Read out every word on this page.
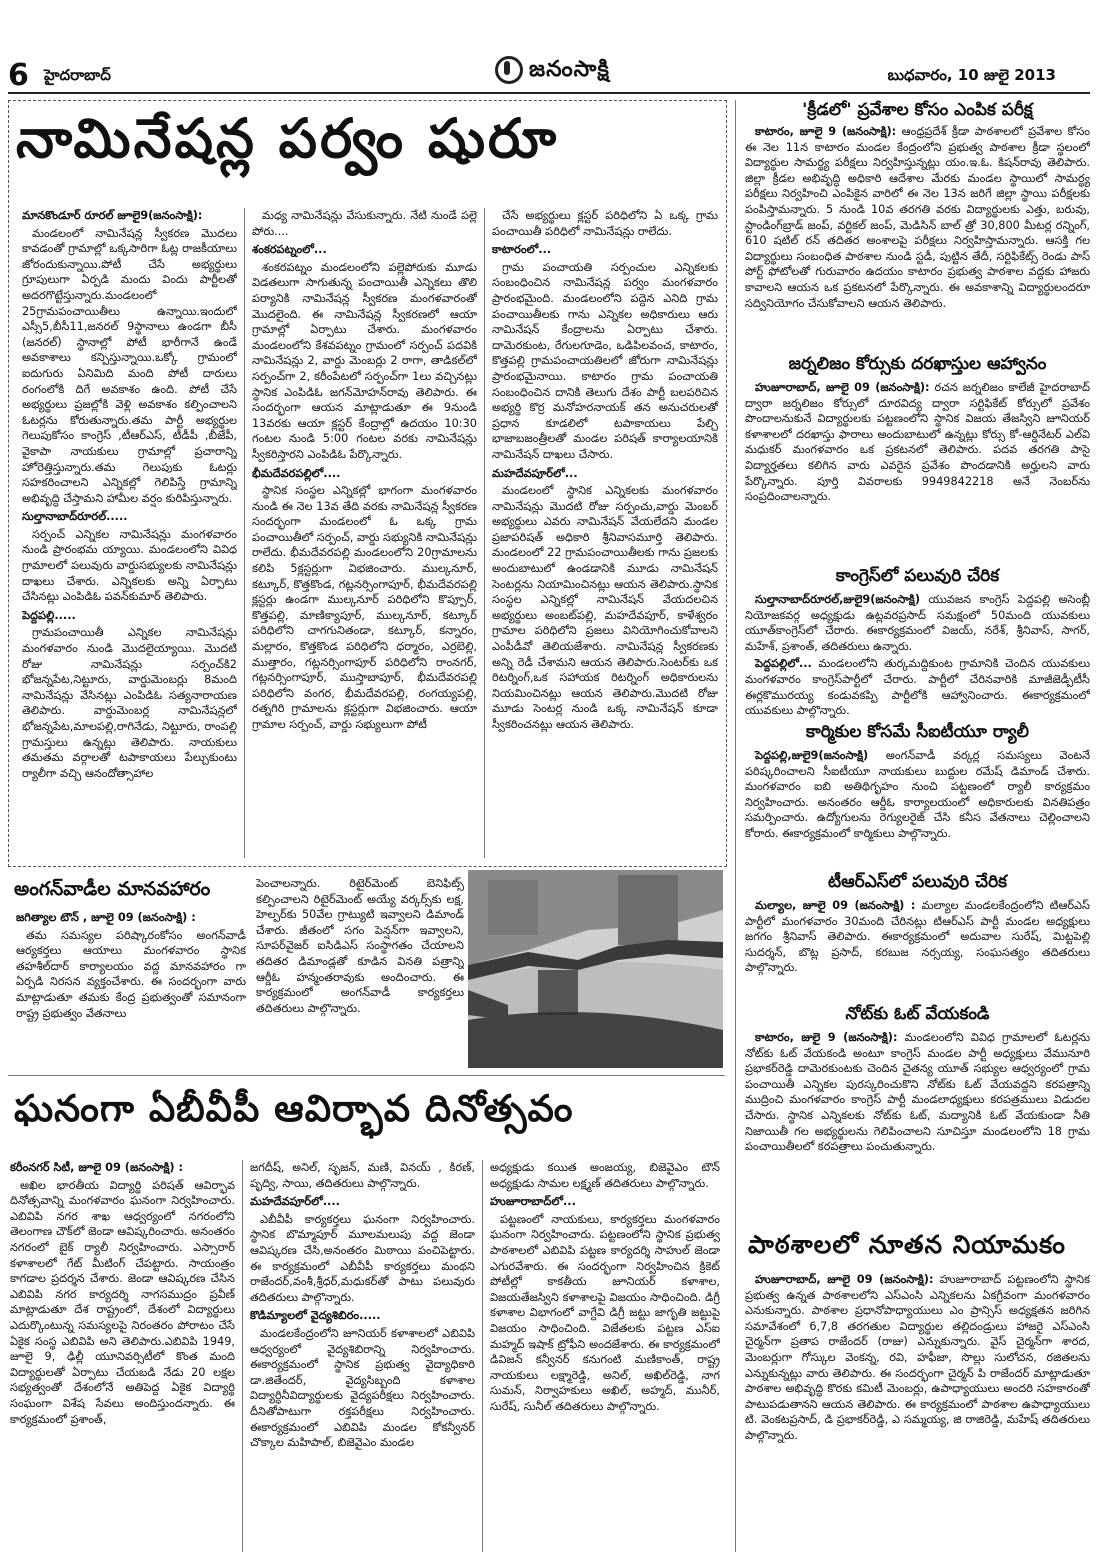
6 హైదరాబాద్	జనంసాక్షి	బుధవారం, 10 జులై 2013
నామినేషన్ల పర్వం షురూ

మానకొండూర్ రూరల్ జూలై9(జనంసాక్షి):

మండలంలో నామినేషన్ల స్వీకరణ మొదలు కావడంతో గ్రామాల్లో ఒక్కసారిగా ఓట్ల రాజకీయాలు జోరందుకున్నాయి.పోటీ చేసే అభ్యర్థులు గ్రూపులుగా ఏర్పడి మందు విందు పార్టీలతో అదరగొట్టేస్తున్నారు.మండలంలో 25గ్రామపంచాయితీలు ఉన్నాయి.ఇందులో ఎస్సీ5,బీసీ11,జనరల్ 9స్థానాలు ఉండగా బీసీ (జనరల్) స్థానాల్లో పోటీ భారీగానే ఉండే అవకాశాలు కన్పిస్తున్నాయి.ఒక్కో గ్రామంలో ఐదుగురు ఏనిమిది మంది పోటీ దారులు రంగంలోకి దిగే అవకాశం ఉంది. పోటీ చేసే అభ్యర్థులు ప్రజల్లోకి వెళ్లి అవకాశం కల్పించాలని ఓటర్లను కోరుతున్నారు.తమ పార్టీ అభ్యర్థుల గెలుపుకోసం కాంగ్రెస్ ,టీఆర్ఎస్, టీడీపీ ,బీజేపీ, వైకాపా నాయకులు గ్రామాల్లో ప్రచారాన్ని హోరెత్తిస్తున్నారు.తమ గెలుపుకు ఓటర్లు సహకరించాలని ఎన్నికల్లో గెలిపిస్తే గ్రామాన్ని అభివృద్ధి చేస్తామని హామీల వర్షం కురిపిస్తున్నారు.

సుల్తానాబాద్‌రూరల్.....

సర్పంచ్ ఎన్నికల నామినేషన్లు మంగళవారం నుండి ప్రారంభమ య్యాయి. మండలంలోని వివిధ గ్రామాలలో పలువురు వార్డుసభ్యులకు నామినేషన్లు దాఖలు చేశారు. ఎన్నికలకు అన్ని ఏర్పాటు చేసినట్లు ఎంపిడిఓ పవన్‌కుమార్ తెలిపారు.

పెద్దపల్లి.....

గ్రామపంచాయితీ ఎన్నికల నామినేషన్లు మంగళవారం నుండి మొదలైయ్యాయి. మొదటి రోజు నామినేషన్లు సర్పంచ్‌కి2 భోజన్నపేట,నిట్టూరు, వార్డుమెంబర్లు 8మంది నామినేషన్లు వేసినట్లు ఎంపిడిఓ సత్యనారాయణ తెలిపారు. వార్డుమెంబర్ల నామినేషన్లలో భోజన్నపేట,మాలపల్లి,రాగినేడు, నిట్టూరు, రాంపల్లి గ్రామస్తులు ఉన్నట్లు తెలిపారు. నాయకులు తమతమ వర్గాలతో టపాకాయలు పేల్చుకుంటు ర్యాలీగా వచ్చి ఆనందోత్సాహాల

మధ్య నామినేషన్లు వేసుకున్నారు. నేటి నుండే పల్లె పోరు....

శంకరపట్నంలో...

శంకరపట్నం మండలంలోని పల్లెపోరుకు మూడు విడతలుగా సాగుతున్న పంచాయితీ ఎన్నికలు తొలి పర్యానికి నామినేషన్ల స్వీకరణ మంగళవారంతో మొదలైంది. ఈ నామినేషన్ల స్వీకరణలో ఆయా గ్రామాల్లో ఏర్పాటు చేశారు. మంగళవారం మండలంలోని కేశవపట్నం గ్రామంలో సర్పంచ్ పదవికి నామినేషన్లు 2, వార్డు మెంబర్లు 2 రాగా, తాడికల్‌లో సర్పంచ్‌గా 2, కరీంపేటలో సర్పంచ్‌గా 1లు వచ్చినట్లు స్థానిక ఎంపిడిఓ జగన్‌మోహన్‌రావు తెలిపారు. ఈ సందర్భంగా ఆయన మాట్లాడుతూ ఈ 9నుండి 13వరకు ఆయా క్లస్టర్ కేంద్రాల్లో ఉదయం 10:30 గంటల నుండి 5:00 గంటల వరకు నామినేషన్లు స్వీకరిస్తారని ఎంపిడిఓ పేర్కొన్నారు.

భీమదేవరపల్లిలో....

స్థానిక సంస్థల ఎన్నికల్లో భాగంగా మంగళవారం నుండి ఈ నెల 13వ తేది వరకు నామినేషన్ల స్వీకరణ సందర్భంగా మండలంలో ఓ ఒక్క గ్రామ పంచాయితీలో సర్పంచ్, వార్డు సభ్యునికి నామినేషన్లు రాలేదు. భీమదేవరపల్లి మండలంలోని 20గ్రామాలను కలిపి 5క్లస్టర్లుగా విభజించారు. ముల్కనూర్, కట్కూర్, కొత్తకొండ, గట్లనర్సింగాపూర్, భీమదేవరపల్లి క్లస్టర్లు ఉండగా ముల్కనూర్ పరిధిలోని కొప్పూర్, కొత్తపల్లి, మాణిక్యాపూర్, ముల్కనూర్, కట్కూర్ పరిధిలోని చాగగునితండా, కట్కూర్, కన్నారం, మల్లారం, కొత్తకొండ పరిధిలోని ధర్మారం, ఎర్రబెల్లి, ముత్తారం, గట్లనర్సింగాపూర్ పరిధిలోని రాంనగర్, గట్లనర్సింగాపూర్, ముస్తాబాపూర్, భీమదేవరపల్లి పరిధిలోని వంగర, భీమదేవరపల్లి, రంగయ్యపల్లి, రత్నగిరి గ్రామాలను క్లస్టర్లుగా విభజించారు. ఆయా గ్రామాల సర్పంచ్, వార్డు సభ్యులుగా పోటీ

చేసే అభ్యర్థులు క్లస్టర్ పరిధిలోని ఏ ఒక్క గ్రామ పంచాయితీ పరిధిలో నామినేషన్లు రాలేదు.

కాటారంలో...

గ్రామ పంచాయతి సర్పంచుల ఎన్నికలకు సంబంధించిన నామినేషన్ల పర్వం మంగళవారం ప్రారంభమైంది. మండలంలోని పద్దెన ఎనిది గ్రామ పంచాయితీలకు గాను ఎన్నికల అధికారులు ఆరు నామినేషన్ కేంద్రాలను ఏర్పాటు చేశారు. దామెరకుంట, రేగులగూడెం, ఒడిపిలవంచ, కాటారం, కొత్తపల్లి గ్రామపంచాయతిలలో జోరుగా నామినేషన్లు ప్రారంభమైనాయి. కాటారం గ్రామ పంచాయతి సంబంధించిన దానికి తెలుగు దేశం పార్టీ బలపరిచిన అభ్యర్థి కొర్ర మనోహరనాయక్ తన అనుచరులతో ప్రధాన కూడలిలో టపాకాయలు పేల్చి భాజాబజంత్రీలతో మండల పరిషత్ కార్యాలయానికి నామినేషన్ దాఖలు చేసారు.

మహదేవపూర్‌లో...

మండలంలో స్థానిక ఎన్నికలకు మంగళవారం నామినేషన్లు మొదటి రోజు సర్పంచు,వార్డు మెంబర్ అభ్యర్థులు ఎవరు నామినేషన్ వేయలేదని మండల ప్రజాపరిషత్ అధికారి శ్రీనివాసమూర్తి తెలిపారు. మండలంలో 22 గ్రామపంచాయితీలకు గాను ప్రజలకు అందుబాటులో ఉండడానికి మూడు నామినేషన్ సెంటర్లను నియామించినట్లు ఆయన తెలిపారు.స్థానిక సంస్థల ఎన్నికల్లో నామినేషన్ వేయదలచిన అభ్యర్థులు అంబట్‌పల్లి, మహదేవపూర్, కాళేశ్వరం గ్రామాల పరిధిలోని ప్రజలు వినియోగించుకోవాలని ఎంపీడీవో తెలియజేశారు. నామినేషన్ల స్వీకరణకు అన్ని రెడీ చేశామని ఆయన తెలిపారు.సెంటర్‌కు ఒక రిటర్నింగ్,ఒక సహాయక రిటర్నింగ్ అధికారులను నియమించినట్లు ఆయన తెలిపారు.మొదటి రోజు మూడు సెంటర్ల నుండి ఒక్క నామినేషన్ కూడా స్వీకరించనట్లు ఆయన తెలిపారు.

అంగన్‌వాడీల మానవహారం

జగిత్యాల టౌన్ , జూలై 09 (జనంసాక్షి) :

తమ సమస్యల పరిష్కారంకోసం అంగన్‌వాడీ ఆర్యకర్తలు ఆయాలు మంగళవారం స్థానిక తహశీల్‌దార్ కార్యాలయం వద్ద మానవహారం గా ఏర్పడి నిరసన వ్యక్తంచేశారు. ఈ సందర్భంగా వారు మాట్లాడుతూ తమకు కేంద్ర ప్రభుత్వంతో సమానంగా రాష్ట్ర ప్రభుత్వం వేతనాలు

పెంచాలన్నారు. రిటైర్‌మెంట్ బెనిఫిట్స్ కల్పించాలని రిటైర్‌మెంట్ అయ్యే వర్కర్స్‌కు లక్ష, హెల్పర్‌కు 50వేల గ్రాట్యుటి ఇవ్వాలని డిమాండ్ చేశారు. జీతంలో సగం పెన్షన్‌గా ఇవ్వాలని, సూపర్‌వైజర్ ఐసిడిఎస్ సంస్థాగతం చేయాలని తదితర డిమాండ్లతో కూడిన వినతి పత్రాన్ని ఆర్డీఓ హన్మంతరావుకు అందించారు. ఈ కార్యక్రమంలో అంగన్‌వాడీ కార్యకర్తలు తదితరులు పాల్గొన్నారు.

ఘనంగా ఏబీవీపీ ఆవిర్భావ దినోత్సవం

కరీంనగర్ సిటీ, జూలై 09 (జనంసాక్షి) :

అఖిల భారతీయ విద్యార్థి పరిషత్ ఆవిర్భావ దినోత్సవాన్ని మంగళవారం ఘనంగా నిర్వహించారు. ఎబివిపి నగర శాఖ ఆధ్వర్యంలో నగరంలోని తెలంగాణ చౌక్‌లో జెండా ఆవిష్కరించారు. అనంతరం నగరంలో బైక్ ర్యాలీ నిర్వహించారు. ఎస్సారార్ కళాశాలలో గేట్ మీటింగ్ చేపట్టారు. సాయంత్రం కాగడాల ప్రదర్శన చేశారు. జెండా ఆవిష్కరణ చేసిన ఎబివిపి నగర కార్యదర్శి నాగసముద్రం ప్రవీణ్ మాట్లాడుతూ దేశ రాష్ట్రంలో, దేశంలో విద్యార్థులు ఎదుర్కొంటున్న సమస్యలపై నిరంతరం పోరాటం చేసే ఏకైక సంస్థ ఎబివిపి అని తెలిపారు.ఎబివిపి 1949, జూలై 9, ఢిల్లీ యూనివర్సిటీలో కొంత మంది విద్యార్థులతో ఏర్పాటు చేయబడి నేడు 20 లక్షల సభ్యత్వంతో దేశంలోనే అతిపెద్ద ఏకైక విద్యార్థి సంఘంగా విశేష సేవలు అందిస్తుందన్నారు. ఈ కార్యక్రమంలో ప్రశాంత్,

జగదీష్, అనిల్, సృజన్, మణి, వినయ్ , కిరణ్, పృద్వి, సాయి, తదితరులు పాల్గొన్నారు.

మహదేవపూర్‌లో....

ఎబీవీపీ కార్యకర్తలు ఘనంగా నిర్వహించారు. స్థానిక బొమ్మాపూర్ మూలమలుపు వద్ద జెండా ఆవిష్కరణ చేసి,అనంతరం మిఠాయి పంచిపెట్టారు. ఈ కార్యక్రమంలో ఎబీవీపీ కార్యకర్తలు మంథని రాజేందర్,వంశీ,శ్రీధర్,మధుకర్‌తో పాటు పలువురు తదితరులు పాల్గొన్నారు.

కొడిమ్యాలలో వైద్యశిబిరం.....

మండలకేంద్రంలోని జూనియర్ కళాశాలలో ఎబివిపి ఆధ్వర్యంలో వైద్యశిబిరాన్ని నిర్వహించారు. ఈకార్యక్రమంలో స్థానిక ప్రభుత్వ వైద్యాధికారి డా.జితేందర్, వైద్యసిబ్బంది కళాశాల విద్యార్ధినీవిద్యార్థులకు వైద్యపరీక్షలు నిర్వహించారు. దీనితోపాటుగా రక్తపరీక్షలు నిర్వహించారు. ఈకార్యక్రమంలో ఎబివిపి మండల కోకన్వీనర్ చొక్కాల మహిపాల్, బిజెవైఎం మండల

అధ్యక్షుడు కయిత అంజయ్య, బిజెవైఎం టౌన్ అధ్యక్షుడు సామల లక్ష్మణ్ తదితరులు పాల్గొన్నారు.

హుజూరాబాద్‌లో...

పట్టణంలో నాయకులు, కార్యకర్తలు మంగళవారం ఘనంగా నిర్వహించారు. పట్టణంలోని స్థానిక ప్రభుత్వ పాఠశాలలో ఎబివిపి పట్టణ కార్యదర్శి సాహుల్ జెండా ఎగురవేశారు. ఈ సందర్భంగా నిర్వహించిన క్రికెట్ పోటీల్లో కాకతీయ జూనియర్ కళాశాల, విజయతేజస్విని కళాశాలపై విజయం సాధించింది. డిగ్రీ కళాశాల విభాగంలో వాగ్దేవి డిగ్రీ జట్టు జాగృతి జట్టుపై విజయం సాధించింది. విజేతలకు పట్టణ ఎస్ఐ మహ్మద్ ఇషాక్ ట్రోఫీని అందజేశారు. ఈ కార్యక్రమంలో డివిజన్ కన్వీనర్ కనుగంటి మణికాంత్, రాష్ట్ర నాయకులు లక్ష్మారెడ్డి, అనిల్, అఖిల్‌రెడ్డి, నాగ సుమన్, నిర్వాహకులు అఖిల్, అహ్మద్, మునీర్, సురేష్, సునీల్ తదితరులు పాల్గొన్నారు.

'క్రీడలో' ప్రవేశాల కోసం ఎంపిక పరీక్ష

కాటారం, జూలై 9 (జనంసాక్షి): ఆంధ్రప్రదేశ్ క్రీడా పాఠశాలలో ప్రవేశాల కోసం ఈ నెల 11న కాటారం మండల కేంద్రంలోని ప్రభుత్వ పాఠశాల క్రీడా స్థలంలో విద్యార్థుల సామర్థ్య పరీక్షలు నిర్వహిస్తున్నట్లు యం.ఇ.ఓ. కిషన్‌రావు తెలిపారు. జిల్లా క్రీడల అభివృద్ధి అధికారి ఆదేశాల మేరకు మండల స్థాయిలో సామర్థ్య పరీక్షలు నిర్వహించి ఎంపికైన వారిలో ఈ నెల 13న జరిగే జిల్లా స్థాయి పరీక్షలకు పంపిస్తామన్నారు. 5 నుండి 10వ తరగతి వరకు విద్యార్థులకు ఎత్తు, బరువు, స్టాండింగ్‌బ్రాడ్ జంప్, వర్టికల్ జంప్, మెడిసిన్ బాల్ త్రో 30,800 మీటర్ల రన్నింగ్, 610 షటిల్ రన్ తదితర అంశాలపై పరీక్షలు నిర్వహిస్తామన్నారు. ఆసక్తి గల విద్యార్థులు సంబంధిత పాఠశాల నుండి స్టడీ, పుట్టిన తేదీ, సర్టిఫికేట్స్ రెండు పాస్ పోర్ట్ ఫోటోలతో గురువారం ఉదయం కాటారం ప్రభుత్వ పాఠశాల వద్దకు హాజరు కావాలని ఆయన ఒక ప్రకటనలో పేర్కొన్నారు. ఈ అవకాశాన్ని విద్యార్థులందరూ సద్వినియోగం చేసుకోవాలని ఆయన తెలిపారు.

జర్నలిజం కోర్సుకు దరఖాస్తుల ఆహ్వానం

హుజూరాబాద్, జూలై 09 (జనంసాక్షి): రచన జర్నలిజం కాలేజీ హైదరాబాద్ ద్వారా జర్నలిజం కోర్సులో దూరవిద్య ద్వారా సర్టిఫికేట్ కోర్సులో ప్రవేశం పొందాలనుకునే విద్యార్థులకు పట్టణంలోని స్థానిక విజయ తేజస్విని జూనియర్ కళాశాలలో దరఖాస్తు ఫారాలు అందుబాటులో ఉన్నట్లు కోర్సు కో-ఆర్డినేటర్ ఎల్‌వి మధుకర్ మంగళవారం ఒక ప్రకటనలో తెలిపారు. పదవ తరగతి పాసై విద్యార్హతలు కలిగిన వారు ఎవరైన ప్రవేశం పొందడానికి అర్హులని వారు పేర్కొన్నారు. పూర్తి వివరాలకు 9949842218 అనే నెంబర్‌ను సంప్రదించాలన్నారు.

కాంగ్రెస్‌లో పలువురి చేరిక

సుల్తానాబాద్‌రూరల్,జులై9(జనంసాక్షి) యువజన కాంగ్రెస్ పెద్దపల్లి అసెంబ్లీ నియోజకవర్గ అధ్యక్షుడు ఉట్లవరప్రసాద్ సమక్షంలో 50మంది యువకులు యూత్‌కాంగ్రెస్‌లో చేరారు. ఈకార్యక్రమంలో విజయ్, నరేశ్, శ్రీనివాస్, సాగర్, మహేశ్, ప్రశాంత్, తదితరులు ఉన్నారు.

పెద్దపల్లిలో... మండలంలోని తుర్కమద్దికుంట గ్రామానికి చెందిన యువకులు మంగళవారం కాంగ్రెస్‌పార్టీలో చేరారు. పార్టీలో చేరినవారికి మాజీజెడ్పీటీసీ ఈర్లకొమురయ్య కండువకప్పి పార్టీలోకి ఆహ్వానించారు. ఈకార్యక్రమంలో యువకులు పాల్గొన్నారు.

కార్మికుల కోసమే సీఐటీయూ ర్యాలీ

పెద్దపల్లి,జులై9(జనంసాక్షి) అంగన్‌వాడీ వర్కర్ల సమస్యలు వెంటనే పరిష్కరించాలని సీఐటీయూ నాయకులు బుద్దుల రమేష్ డిమాండ్ చేశారు. మంగళవారం ఐబి అతిథిగృహం నుంచి పట్టణంలో ర్యాలీ కార్యక్రమం నిర్వహించారు. అనంతరం ఆర్డీఓ కార్యాలయంలో అధికారులకు వినతిపత్రం సమర్పించారు. ఉద్యోగులను రెగ్యులరైజ్ చేసి కనీస వేతనాలు చెల్లించాలని కోరారు. ఈకార్యక్రమంలో కార్మికులు పాల్గొన్నారు.

టీఆర్‌ఎస్‌లో పలువురి చేరిక

మల్యాల, జూలై 09 (జనంసాక్షి) : మల్యాల మండలకేంద్రంలోని టిఆర్ఎస్ పార్టీలో మంగళవారం 30మంది చేరినట్లు టిఆర్ఎస్ పార్టీ మండల అధ్యక్షులు జగగం శ్రీనివాస్ తెలిపారు. ఈకార్యక్రమంలో అదువాల సురేష్, మిట్టపెల్లి సుదర్శన్, బొట్ల ప్రసాద్, కరబుజ నర్సయ్య, సంఘసత్యం తదితరులు పాల్గొన్నారు.

నోట్‌కు ఓట్ వేయకండి

కాటారం, జులై 9 (జనంసాక్షి): మండలంలోని వివిధ గ్రామాలలో ఓటర్లను నోట్‌కు ఓట్ వేయకండి అంటూ కాంగ్రెస్ మండల పార్టీ అధ్యక్షులు వేమునూరి ప్రభాకర్‌రెడ్డి దామెరకుంటకు చెందిన చైతన్య యూత్ సభ్యుల ఆధ్వర్యంలో గ్రామ పంచాయితీ ఎన్నికల పురస్కరించుకొని నోట్‌కు ఓట్ వేయవద్దని కరపత్రాన్ని ముద్రించి మంగళవారం కాంగ్రెస్ పార్టీ మండలాధ్యక్షులు కరపత్రములు విడుదల చేసారు. స్థానిక ఎన్నికలకు నోట్‌కు ఓట్, మద్యానికి ఓట్ వేయకుండా నీతి నిజాయితీ గల అభ్యర్థులను గెలిపించాలని సూచిస్తూ మండలంలోని 18 గ్రామ పంచాయితీలలో కరపత్రాలు పంచుతున్నారు.

పాఠశాలలో నూతన నియామకం

హుజూరాబాద్, జూలై 09 (జనంసాక్షి): హుజూరాబాద్ పట్టణంలోని స్థానిక ప్రభుత్వ ఉన్నత పాఠశాలలోని ఎస్ఎంసి ఎన్నికలను ఏకగ్రీవంగా మంగళవారం ఎనుకున్నారు. పాఠశాల ప్రధానోపాధ్యాయులు ఎం ప్రాన్సిస్ అధ్యక్షతన జరిగిన సమావేశంలో 6,7,8 తరగతుల విద్యార్థుల తల్లిదండ్రులు హాజరై ఎస్ఎంసి చైర్మన్‌గా ప్రతాప రాజేందర్ (రాజు) ఎన్నుకున్నారు. వైస్ చైర్మన్‌గా శారద, మెంబర్లుగా గోస్కుల వెంకన్న, రవి, హఫీజా, సొల్లు సులోచన, రజితలను ఎన్నుకున్నట్లు వారు తెలిపారు. ఈ సందర్భంగా చైర్మన్ పి రాజేందర్ మాట్లాడుతూ పాఠశాల అభివృద్ధి కొరకు కమిటీ మెంబర్లు, ఉపాధ్యాయులు అందరి సహకారంతో పాటుపడుతానని ఆయన తెలిపారు. ఈ కార్యక్రమంలో పాఠశాల ఉపాధ్యాయులు టి. వెంకటప్రసాద్, డి ప్రభాకర్‌రెడ్డి, ఎ సమ్మయ్య, జి రాజిరెడ్డి, మహేష్ తదితరులు పాల్గొన్నారు.
